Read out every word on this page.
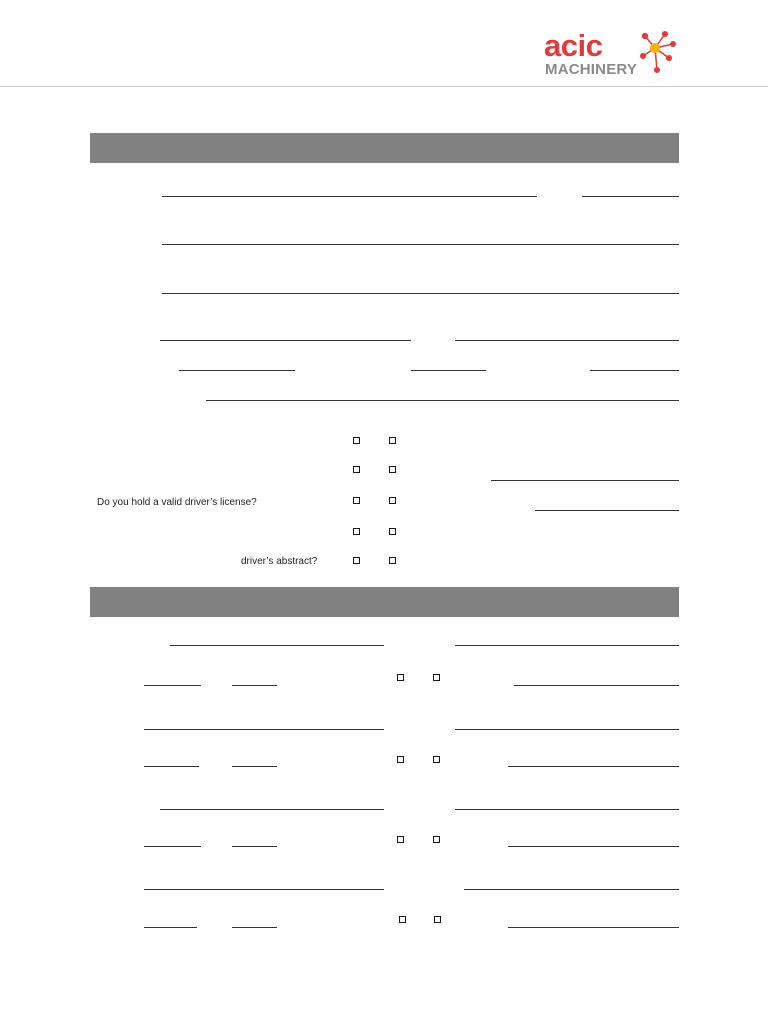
acic
MACHINERY
Do you hold a valid driver’s license?
driver’s abstract?
